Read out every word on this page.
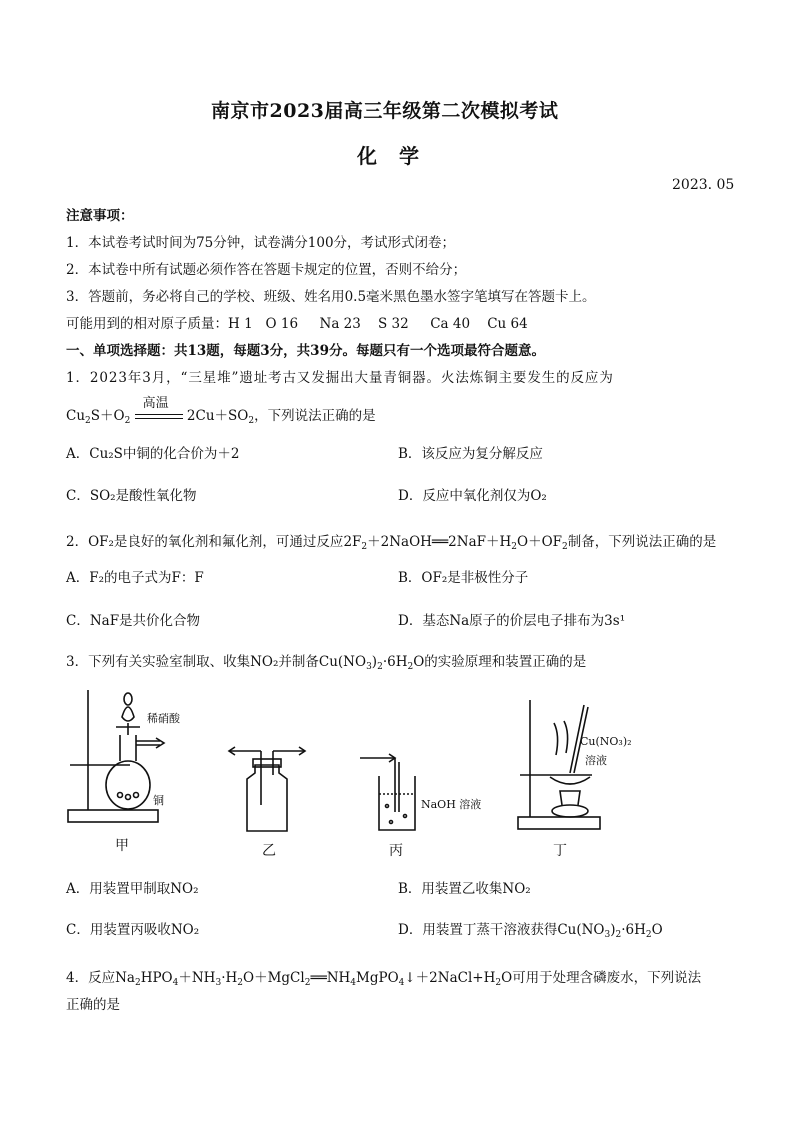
南京市2023届高三年级第二次模拟考试
化学
2023. 05
注意事项：
1．本试卷考试时间为75分钟，试卷满分100分，考试形式闭卷；
2．本试卷中所有试题必须作答在答题卡规定的位置，否则不给分；
3．答题前，务必将自己的学校、班级、姓名用0.5毫米黑色墨水签字笔填写在答题卡上。
可能用到的相对原子质量：H 1   O 16     Na 23    S 32     Ca 40    Cu 64
一、单项选择题：共13题，每题3分，共39分。每题只有一个选项最符合题意。
1．2023年3月，“三星堆”遗址考古又发掘出大量青铜器。火法炼铜主要发生的反应为
$Cu_2S+O_2$
高温
$2Cu+SO_2$，下列说法正确的是
A．Cu₂S中铜的化合价为＋2	B．该反应为复分解反应
C．SO₂是酸性氧化物	D．反应中氧化剂仅为O₂
2．OF₂是良好的氧化剂和氟化剂，可通过反应$2F_2+2NaOH══2NaF+H_2O+OF_2$制备，下列说法正确的是
A．F₂的电子式为F：F	B．OF₂是非极性分子
C．NaF是共价化合物	D．基态Na原子的价层电子排布为3s¹
3．下列有关实验室制取、收集NO₂并制备$Cu(NO_3)_2\cdot 6H_2O$的实验原理和装置正确的是
稀硝酸
铜
甲	乙
NaOH 溶液
丙
Cu(NO₃)₂
溶液
丁
A．用装置甲制取NO₂	B．用装置乙收集NO₂
C．用装置丙吸收NO₂	D．用装置丁蒸干溶液获得$Cu(NO_3)_2\cdot 6H_2O$
4．反应$Na_2HPO_4+NH_3\cdot H_2O+MgCl_2══NH_4MgPO_4↓+2NaCl+H_2O$可用于处理含磷废水，下列说法
正确的是
